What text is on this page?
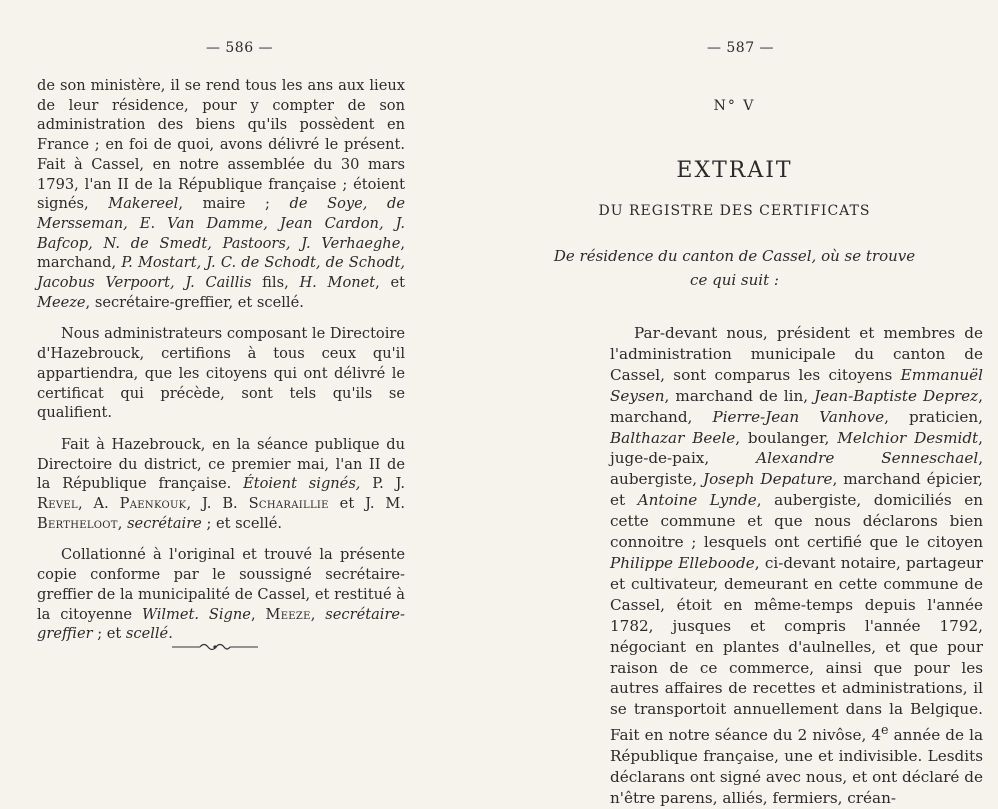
— 586 —

de son ministère, il se rend tous les ans aux lieux de leur résidence, pour y compter de son administration des biens qu'ils possèdent en France ; en foi de quoi, avons délivré le présent. Fait à Cassel, en notre assemblée du 30 mars 1793, l'an II de la République française ; étoient signés, Makereel, maire ; de Soye, de Mersseman, E. Van Damme, Jean Cardon, J. Bafcop, N. de Smedt, Pastoors, J. Verhaeghe, marchand, P. Mostart, J. C. de Schodt, de Schodt, Jacobus Verpoort, J. Caillis fils, H. Monet, et Meeze, secrétaire-greffier, et scellé.

Nous administrateurs composant le Directoire d'Hazebrouck, certifions à tous ceux qu'il appartiendra, que les citoyens qui ont délivré le certificat qui précède, sont tels qu'ils se qualifient.

Fait à Hazebrouck, en la séance publique du Directoire du district, ce premier mai, l'an II de la République française. Étoient signés, P. J. Revel, A. Paenkouk, J. B. Scharaillie et J. M. Bertheloot, secrétaire ; et scellé.

Collationné à l'original et trouvé la présente copie conforme par le soussigné secrétaire-greffier de la municipalité de Cassel, et restitué à la citoyenne Wilmet. Signe, Meeze, secrétaire-greffier ; et scellé.

— 587 —
N° V
EXTRAIT
DU REGISTRE DES CERTIFICATS
De résidence du canton de Cassel, où se trouve
ce qui suit :

Par-devant nous, président et membres de l'administration municipale du canton de Cassel, sont comparus les citoyens Emmanuël Seysen, marchand de lin, Jean-Baptiste Deprez, marchand, Pierre-Jean Vanhove, praticien, Balthazar Beele, boulanger, Melchior Desmidt, juge-de-paix, Alexandre Senneschael, aubergiste, Joseph Depature, marchand épicier, et Antoine Lynde, aubergiste, domiciliés en cette commune et que nous déclarons bien connoitre ; lesquels ont certifié que le citoyen Philippe Elleboode, ci-devant notaire, partageur et cultivateur, demeurant en cette commune de Cassel, étoit en même-temps depuis l'année 1782, jusques et compris l'année 1792, négociant en plantes d'aulnelles, et que pour raison de ce commerce, ainsi que pour les autres affaires de recettes et administrations, il se transportoit annuellement dans la Belgique. Fait en notre séance du 2 nivôse, 4e année de la République française, une et indivisible. Lesdits déclarans ont signé avec nous, et ont déclaré de n'être parens, alliés, fermiers, créan-
